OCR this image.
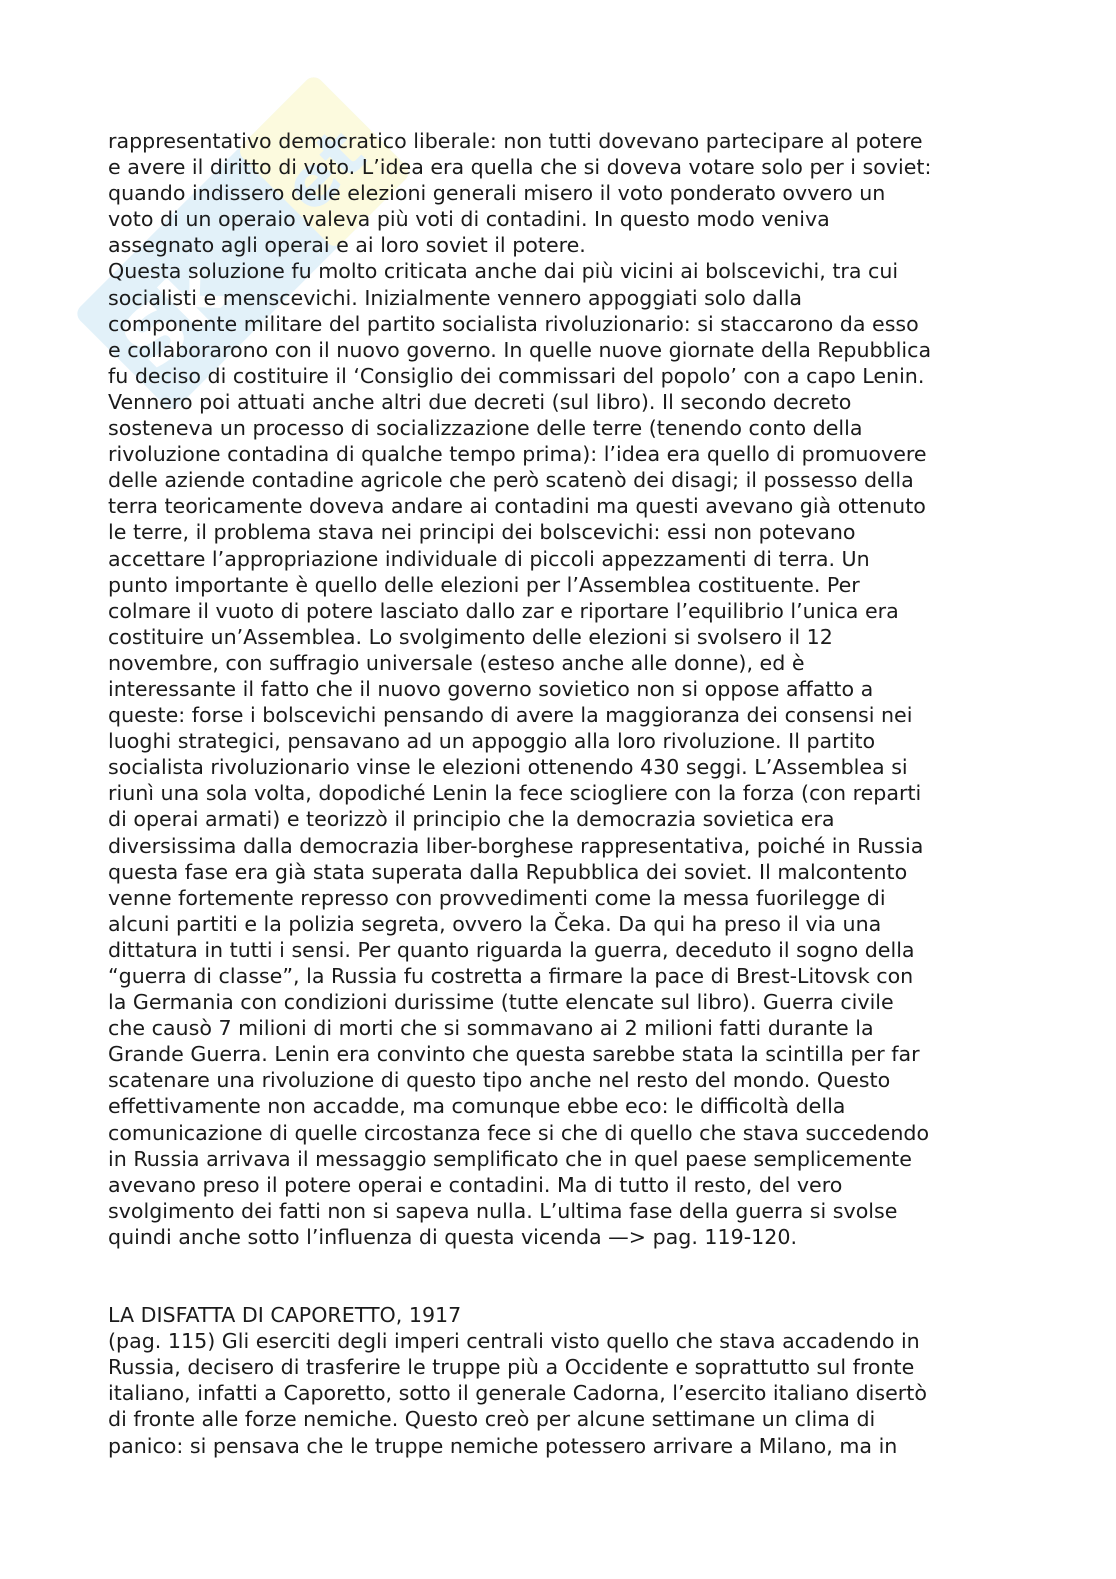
Sk
et
rappresentativo democratico liberale: non tutti dovevano partecipare al potere
e avere il diritto di voto. L’idea era quella che si doveva votare solo per i soviet:
quando indissero delle elezioni generali misero il voto ponderato ovvero un
voto di un operaio valeva più voti di contadini. In questo modo veniva
assegnato agli operai e ai loro soviet il potere.
Questa soluzione fu molto criticata anche dai più vicini ai bolscevichi, tra cui
socialisti e menscevichi. Inizialmente vennero appoggiati solo dalla
componente militare del partito socialista rivoluzionario: si staccarono da esso
e collaborarono con il nuovo governo. In quelle nuove giornate della Repubblica
fu deciso di costituire il ‘Consiglio dei commissari del popolo’ con a capo Lenin.
Vennero poi attuati anche altri due decreti (sul libro). Il secondo decreto
sosteneva un processo di socializzazione delle terre (tenendo conto della
rivoluzione contadina di qualche tempo prima): l’idea era quello di promuovere
delle aziende contadine agricole che però scatenò dei disagi; il possesso della
terra teoricamente doveva andare ai contadini ma questi avevano già ottenuto
le terre, il problema stava nei principi dei bolscevichi: essi non potevano
accettare l’appropriazione individuale di piccoli appezzamenti di terra. Un
punto importante è quello delle elezioni per l’Assemblea costituente. Per
colmare il vuoto di potere lasciato dallo zar e riportare l’equilibrio l’unica era
costituire un’Assemblea. Lo svolgimento delle elezioni si svolsero il 12
novembre, con suffragio universale (esteso anche alle donne), ed è
interessante il fatto che il nuovo governo sovietico non si oppose affatto a
queste: forse i bolscevichi pensando di avere la maggioranza dei consensi nei
luoghi strategici, pensavano ad un appoggio alla loro rivoluzione. Il partito
socialista rivoluzionario vinse le elezioni ottenendo 430 seggi. L’Assemblea si
riunì una sola volta, dopodiché Lenin la fece sciogliere con la forza (con reparti
di operai armati) e teorizzò il principio che la democrazia sovietica era
diversissima dalla democrazia liber-borghese rappresentativa, poiché in Russia
questa fase era già stata superata dalla Repubblica dei soviet. Il malcontento
venne fortemente represso con provvedimenti come la messa fuorilegge di
alcuni partiti e la polizia segreta, ovvero la Čeka. Da qui ha preso il via una
dittatura in tutti i sensi. Per quanto riguarda la guerra, deceduto il sogno della
“guerra di classe”, la Russia fu costretta a firmare la pace di Brest-Litovsk con
la Germania con condizioni durissime (tutte elencate sul libro). Guerra civile
che causò 7 milioni di morti che si sommavano ai 2 milioni fatti durante la
Grande Guerra. Lenin era convinto che questa sarebbe stata la scintilla per far
scatenare una rivoluzione di questo tipo anche nel resto del mondo. Questo
effettivamente non accadde, ma comunque ebbe eco: le difficoltà della
comunicazione di quelle circostanza fece si che di quello che stava succedendo
in Russia arrivava il messaggio semplificato che in quel paese semplicemente
avevano preso il potere operai e contadini. Ma di tutto il resto, del vero
svolgimento dei fatti non si sapeva nulla. L’ultima fase della guerra si svolse
quindi anche sotto l’influenza di questa vicenda —> pag. 119-120.
LA DISFATTA DI CAPORETTO, 1917
(pag. 115) Gli eserciti degli imperi centrali visto quello che stava accadendo in
Russia, decisero di trasferire le truppe più a Occidente e soprattutto sul fronte
italiano, infatti a Caporetto, sotto il generale Cadorna, l’esercito italiano disertò
di fronte alle forze nemiche. Questo creò per alcune settimane un clima di
panico: si pensava che le truppe nemiche potessero arrivare a Milano, ma in
